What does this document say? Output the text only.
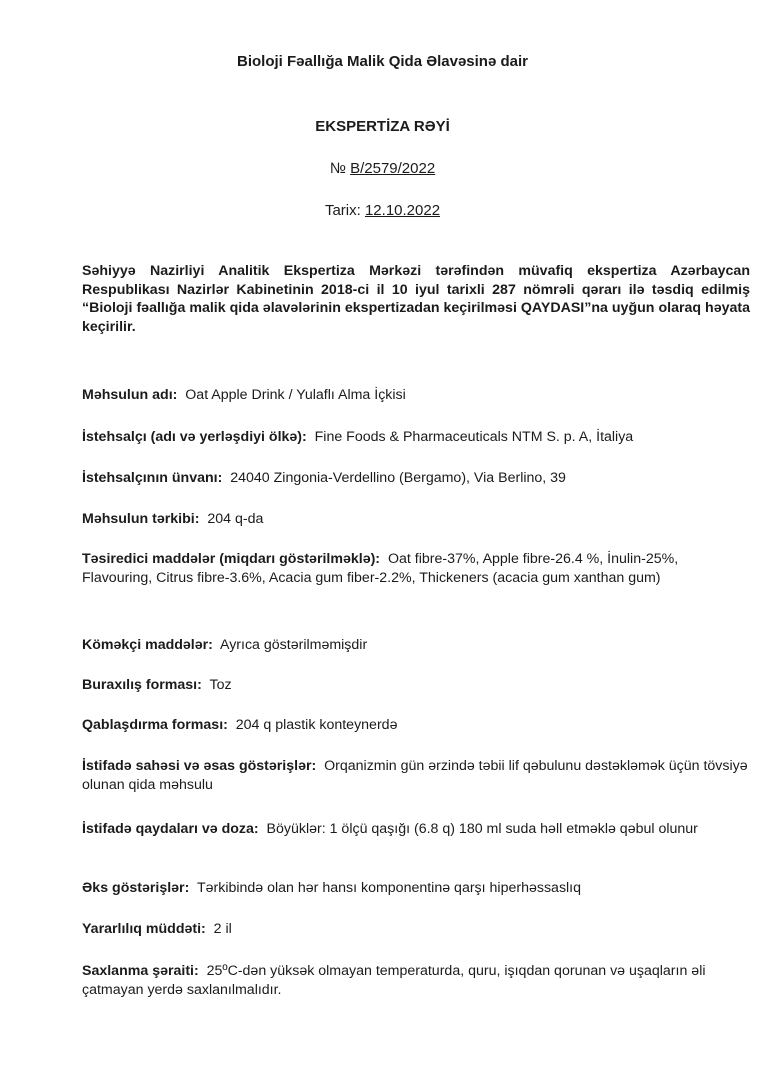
Bioloji Fəallığa Malik Qida Əlavəsinə dair
EKSPERTİZA RƏYİ
№ B/2579/2022
Tarix: 12.10.2022
Səhiyyə Nazirliyi Analitik Ekspertiza Mərkəzi tərəfindən müvafiq ekspertiza Azərbaycan Respublikası Nazirlər Kabinetinin 2018-ci il 10 iyul tarixli 287 nömrəli qərarı ilə təsdiq edilmiş “Bioloji fəallığa malik qida əlavələrinin ekspertizadan keçirilməsi QAYDASI”na uyğun olaraq həyata keçirilir.
Məhsulun adı: Oat Apple Drink / Yulaflı Alma İçkisi
İstehsalçı (adı və yerləşdiyi ölkə): Fine Foods & Pharmaceuticals NTM S. p. A, İtaliya
İstehsalçının ünvanı: 24040 Zingonia-Verdellino (Bergamo), Via Berlino, 39
Məhsulun tərkibi: 204 q-da
Təsiredici maddələr (miqdarı göstərilməklə): Oat fibre-37%, Apple fibre-26.4 %, İnulin-25%, Flavouring, Citrus fibre-3.6%, Acacia gum fiber-2.2%, Thickeners (acacia gum xanthan gum)
Köməkçi maddələr: Ayrıca göstərilməmişdir
Buraxılış forması: Toz
Qablaşdırma forması: 204 q plastik konteynerdə
İstifadə sahəsi və əsas göstərişlər: Orqanizmin gün ərzində təbii lif qəbulunu dəstəkləmək üçün tövsiyə olunan qida məhsulu
İstifadə qaydaları və doza: Böyüklər: 1 ölçü qaşığı (6.8 q) 180 ml suda həll etməklə qəbul olunur
Əks göstərişlər: Tərkibində olan hər hansı komponentinə qarşı hiperhəssaslıq
Yararlılıq müddəti: 2 il
Saxlanma şəraiti: 25ºC-dən yüksək olmayan temperaturda, quru, işıqdan qorunan və uşaqların əli çatmayan yerdə saxlanılmalıdır.
